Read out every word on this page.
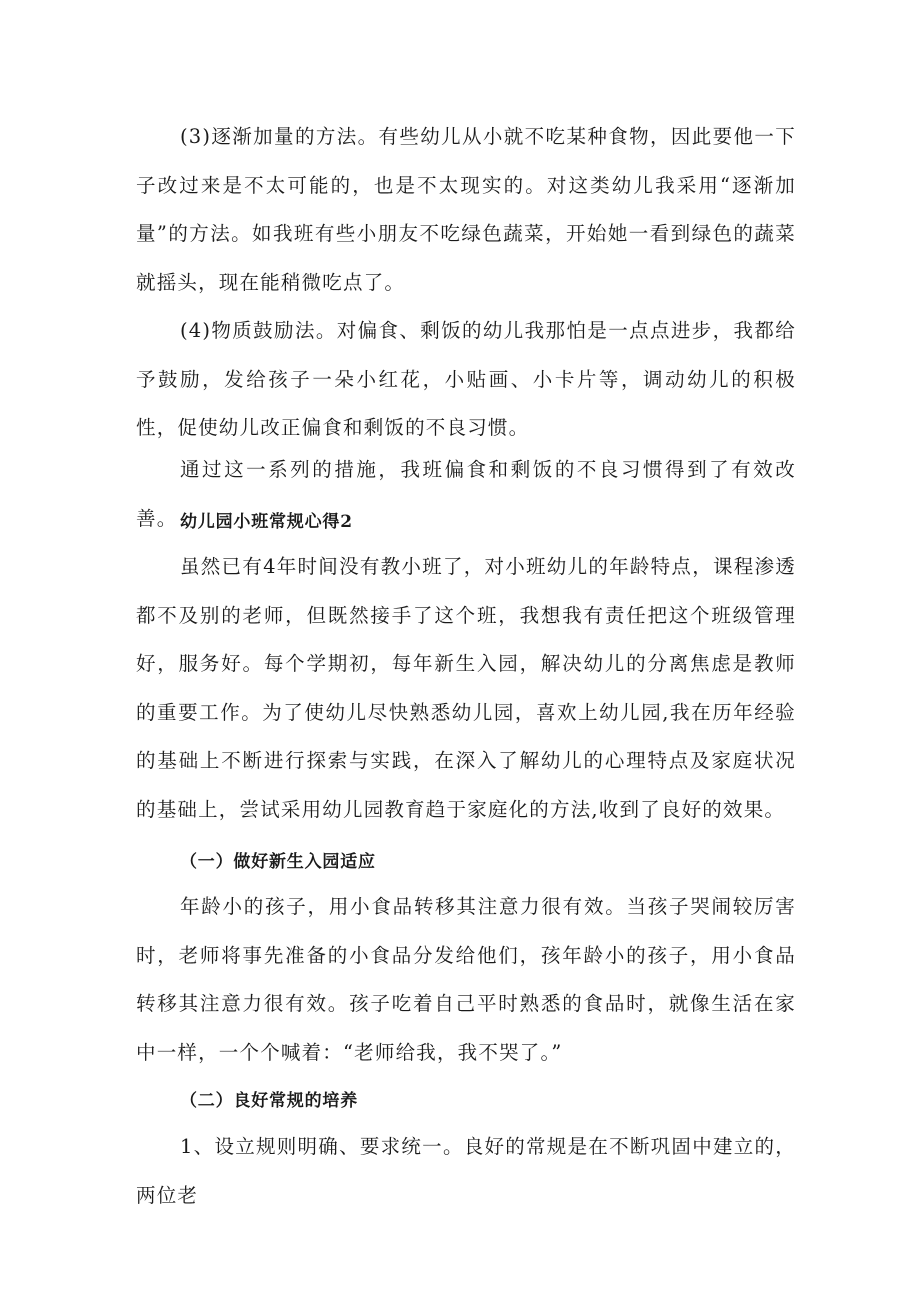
(3)逐渐加量的方法。有些幼儿从小就不吃某种食物，因此要他一下子改过来是不太可能的，也是不太现实的。对这类幼儿我采用“逐渐加量”的方法。如我班有些小朋友不吃绿色蔬菜，开始她一看到绿色的蔬菜就摇头，现在能稍微吃点了。

(4)物质鼓励法。对偏食、剩饭的幼儿我那怕是一点点进步，我都给予鼓励，发给孩子一朵小红花，小贴画、小卡片等，调动幼儿的积极性，促使幼儿改正偏食和剩饭的不良习惯。

通过这一系列的措施，我班偏食和剩饭的不良习惯得到了有效改善。 幼儿园小班常规心得2

虽然已有4年时间没有教小班了，对小班幼儿的年龄特点，课程渗透都不及别的老师，但既然接手了这个班，我想我有责任把这个班级管理好，服务好。每个学期初，每年新生入园，解决幼儿的分离焦虑是教师的重要工作。为了使幼儿尽快熟悉幼儿园，喜欢上幼儿园,我在历年经验的基础上不断进行探索与实践，在深入了解幼儿的心理特点及家庭状况的基础上，尝试采用幼儿园教育趋于家庭化的方法,收到了良好的效果。

（一）做好新生入园适应

年龄小的孩子，用小食品转移其注意力很有效。当孩子哭闹较厉害时，老师将事先准备的小食品分发给他们，孩年龄小的孩子，用小食品转移其注意力很有效。孩子吃着自己平时熟悉的食品时，就像生活在家中一样，一个个喊着：“老师给我，我不哭了。”

（二）良好常规的培养

1、设立规则明确、要求统一。良好的常规是在不断巩固中建立的，两位老
